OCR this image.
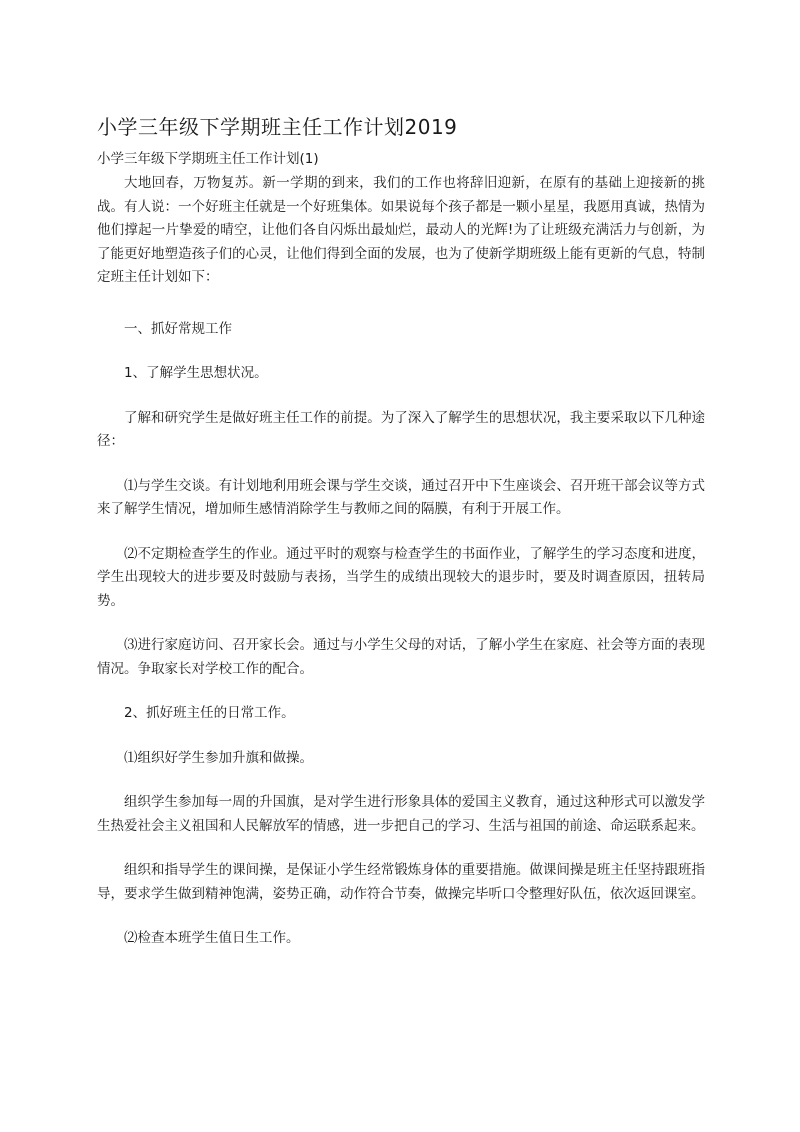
小学三年级下学期班主任工作计划2019
小学三年级下学期班主任工作计划(1)

大地回春，万物复苏。新一学期的到来，我们的工作也将辞旧迎新，在原有的基础上迎接新的挑战。有人说：一个好班主任就是一个好班集体。如果说每个孩子都是一颗小星星，我愿用真诚，热情为他们撑起一片挚爱的晴空，让他们各自闪烁出最灿烂，最动人的光辉!为了让班级充满活力与创新，为了能更好地塑造孩子们的心灵，让他们得到全面的发展，也为了使新学期班级上能有更新的气息，特制定班主任计划如下：

一、抓好常规工作

1、了解学生思想状况。

了解和研究学生是做好班主任工作的前提。为了深入了解学生的思想状况，我主要采取以下几种途径：

⑴与学生交谈。有计划地利用班会课与学生交谈，通过召开中下生座谈会、召开班干部会议等方式来了解学生情况，增加师生感情消除学生与教师之间的隔膜，有利于开展工作。

⑵不定期检查学生的作业。通过平时的观察与检查学生的书面作业，了解学生的学习态度和进度，学生出现较大的进步要及时鼓励与表扬，当学生的成绩出现较大的退步时，要及时调查原因，扭转局势。

⑶进行家庭访问、召开家长会。通过与小学生父母的对话，了解小学生在家庭、社会等方面的表现情况。争取家长对学校工作的配合。

2、抓好班主任的日常工作。

⑴组织好学生参加升旗和做操。

组织学生参加每一周的升国旗，是对学生进行形象具体的爱国主义教育，通过这种形式可以激发学生热爱社会主义祖国和人民解放军的情感，进一步把自己的学习、生活与祖国的前途、命运联系起来。

组织和指导学生的课间操，是保证小学生经常锻炼身体的重要措施。做课间操是班主任坚持跟班指导，要求学生做到精神饱满，姿势正确，动作符合节奏，做操完毕听口令整理好队伍，依次返回课室。

⑵检查本班学生值日生工作。
